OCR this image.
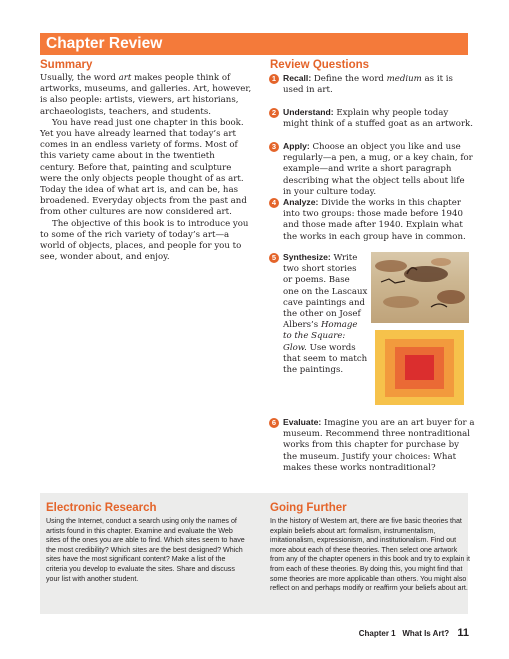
Chapter Review
Summary

Usually, the word art makes people think of artworks, museums, and galleries. Art, however, is also people: artists, viewers, art historians, archaeologists, teachers, and students.

You have read just one chapter in this book. Yet you have already learned that today’s art comes in an endless variety of forms. Most of this variety came about in the twentieth century. Before that, painting and sculpture were the only objects people thought of as art. Today the idea of what art is, and can be, has broadened. Everyday objects from the past and from other cultures are now considered art.

The objective of this book is to introduce you to some of the rich variety of today’s art—a world of objects, places, and people for you to see, wonder about, and enjoy.

Review Questions
1 Recall: Define the word medium as it is used in art.
2 Understand: Explain why people today might think of a stuffed goat as an artwork.
3 Apply: Choose an object you like and use regularly—a pen, a mug, or a key chain, for example—and write a short paragraph describing what the object tells about life in your culture today.
4 Analyze: Divide the works in this chapter into two groups: those made before 1940 and those made after 1940. Explain what the works in each group have in common.
5 Synthesize: Write two short stories or poems. Base one on the Lascaux cave paintings and the other on Josef Albers’s Homage to the Square: Glow. Use words that seem to match the paintings.
6 Evaluate: Imagine you are an art buyer for a museum. Recommend three nontraditional works from this chapter for purchase by the museum. Justify your choices: What makes these works nontraditional?
Electronic Research
Using the Internet, conduct a search using only the names of artists found in this chapter. Examine and evaluate the Web sites of the ones you are able to find. Which sites seem to have the most credibility? Which sites are the best designed? Which sites have the most significant content? Make a list of the criteria you develop to evaluate the sites. Share and discuss your list with another student.
Going Further
In the history of Western art, there are five basic theories that explain beliefs about art: formalism, instrumentalism, imitationalism, expressionism, and institutionalism. Find out more about each of these theories. Then select one artwork from any of the chapter openers in this book and try to explain it from each of these theories. By doing this, you might find that some theories are more applicable than others. You might also reflect on and perhaps modify or reaffirm your beliefs about art.
Chapter 1 What Is Art? 11
